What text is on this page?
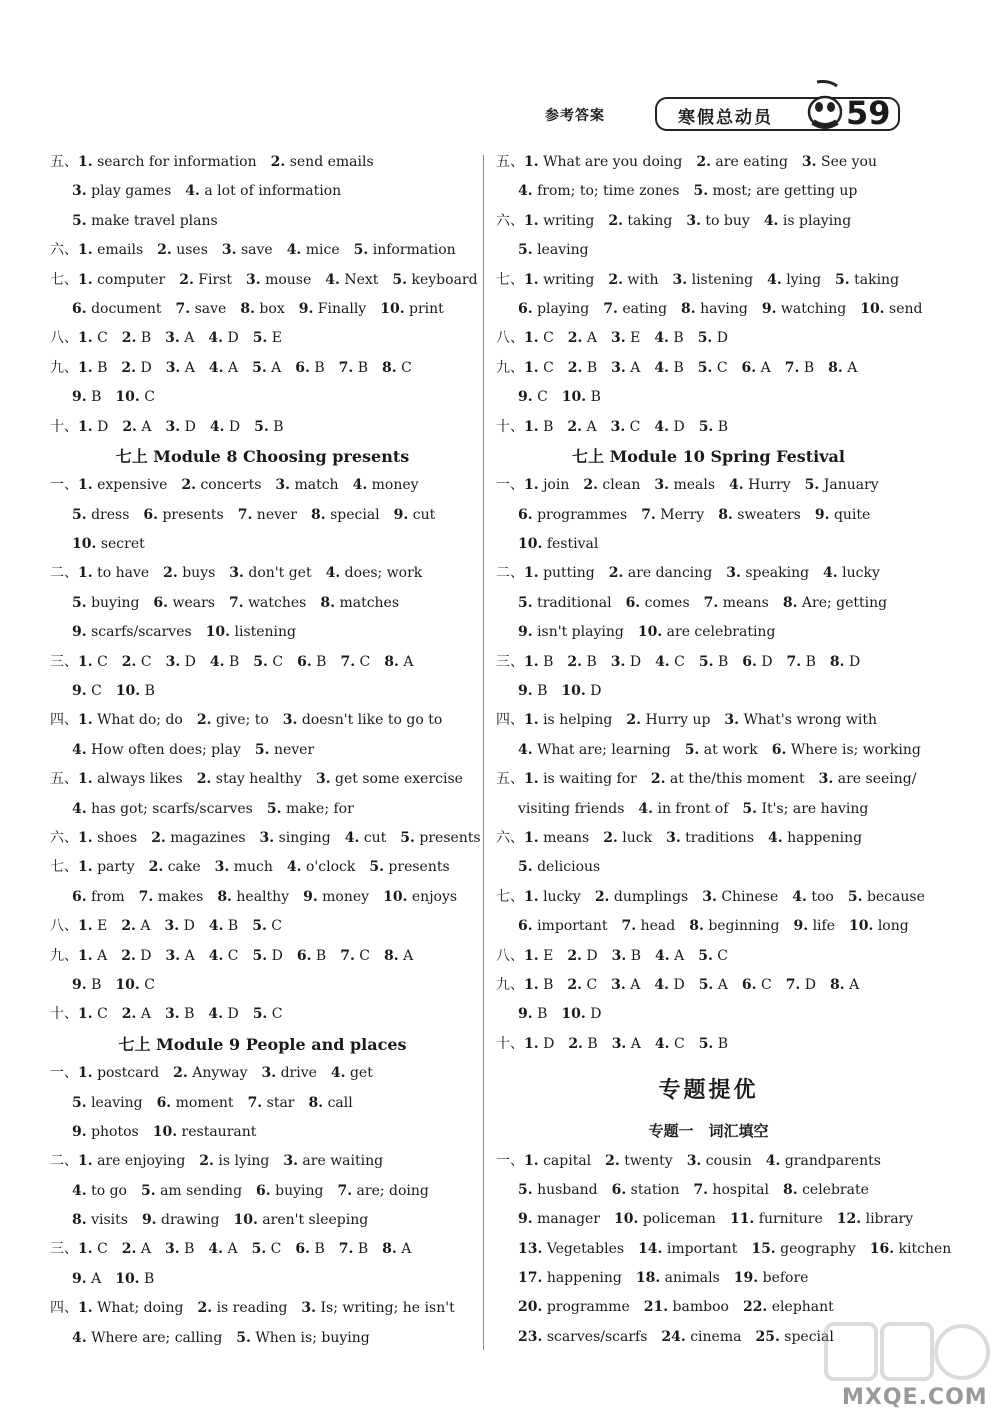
参考答案	寒假总动员 59
五、1. search for information   2. send emails  
3. play games   4. a lot of information  
5. make travel plans  
六、1. emails   2. uses   3. save   4. mice   5. information  
七、1. computer   2. First   3. mouse   4. Next   5. keyboard  
6. document   7. save   8. box   9. Finally   10. print  
八、1. C   2. B   3. A   4. D   5. E  
九、1. B   2. D   3. A   4. A   5. A   6. B   7. B   8. C  
9. B   10. C  
十、1. D   2. A   3. D   4. D   5. B  
七上 Module 8 Choosing presents
一、1. expensive   2. concerts   3. match   4. money  
5. dress   6. presents   7. never   8. special   9. cut  
10. secret  
二、1. to have   2. buys   3. don't get   4. does; work  
5. buying   6. wears   7. watches   8. matches  
9. scarfs/scarves   10. listening  
三、1. C   2. C   3. D   4. B   5. C   6. B   7. C   8. A  
9. C   10. B  
四、1. What do; do   2. give; to   3. doesn't like to go to  
4. How often does; play   5. never  
五、1. always likes   2. stay healthy   3. get some exercise  
4. has got; scarfs/scarves   5. make; for  
六、1. shoes   2. magazines   3. singing   4. cut   5. presents  
七、1. party   2. cake   3. much   4. o'clock   5. presents  
6. from   7. makes   8. healthy   9. money   10. enjoys  
八、1. E   2. A   3. D   4. B   5. C  
九、1. A   2. D   3. A   4. C   5. D   6. B   7. C   8. A  
9. B   10. C  
十、1. C   2. A   3. B   4. D   5. C  
七上 Module 9 People and places
一、1. postcard   2. Anyway   3. drive   4. get  
5. leaving   6. moment   7. star   8. call  
9. photos   10. restaurant  
二、1. are enjoying   2. is lying   3. are waiting  
4. to go   5. am sending   6. buying   7. are; doing  
8. visits   9. drawing   10. aren't sleeping  
三、1. C   2. A   3. B   4. A   5. C   6. B   7. B   8. A  
9. A   10. B  
四、1. What; doing   2. is reading   3. Is; writing; he isn't  
4. Where are; calling   5. When is; buying  
五、1. What are you doing   2. are eating   3. See you  
4. from; to; time zones   5. most; are getting up  
六、1. writing   2. taking   3. to buy   4. is playing  
5. leaving  
七、1. writing   2. with   3. listening   4. lying   5. taking  
6. playing   7. eating   8. having   9. watching   10. send  
八、1. C   2. A   3. E   4. B   5. D  
九、1. C   2. B   3. A   4. B   5. C   6. A   7. B   8. A  
9. C   10. B  
十、1. B   2. A   3. C   4. D   5. B  
七上 Module 10 Spring Festival
一、1. join   2. clean   3. meals   4. Hurry   5. January  
6. programmes   7. Merry   8. sweaters   9. quite  
10. festival  
二、1. putting   2. are dancing   3. speaking   4. lucky  
5. traditional   6. comes   7. means   8. Are; getting  
9. isn't playing   10. are celebrating  
三、1. B   2. B   3. D   4. C   5. B   6. D   7. B   8. D  
9. B   10. D  
四、1. is helping   2. Hurry up   3. What's wrong with  
4. What are; learning   5. at work   6. Where is; working  
五、1. is waiting for   2. at the/this moment   3. are seeing/  
visiting friends   4. in front of   5. It's; are having  
六、1. means   2. luck   3. traditions   4. happening  
5. delicious  
七、1. lucky   2. dumplings   3. Chinese   4. too   5. because  
6. important   7. head   8. beginning   9. life   10. long  
八、1. E   2. D   3. B   4. A   5. C  
九、1. B   2. C   3. A   4. D   5. A   6. C   7. D   8. A  
9. B   10. D  
十、1. D   2. B   3. A   4. C   5. B  
专题提优
专题一　词汇填空
一、1. capital   2. twenty   3. cousin   4. grandparents  
5. husband   6. station   7. hospital   8. celebrate  
9. manager   10. policeman   11. furniture   12. library  
13. Vegetables   14. important   15. geography   16. kitchen  
17. happening   18. animals   19. before  
20. programme   21. bamboo   22. elephant  
23. scarves/scarfs   24. cinema   25. special  
MXQE.COM
